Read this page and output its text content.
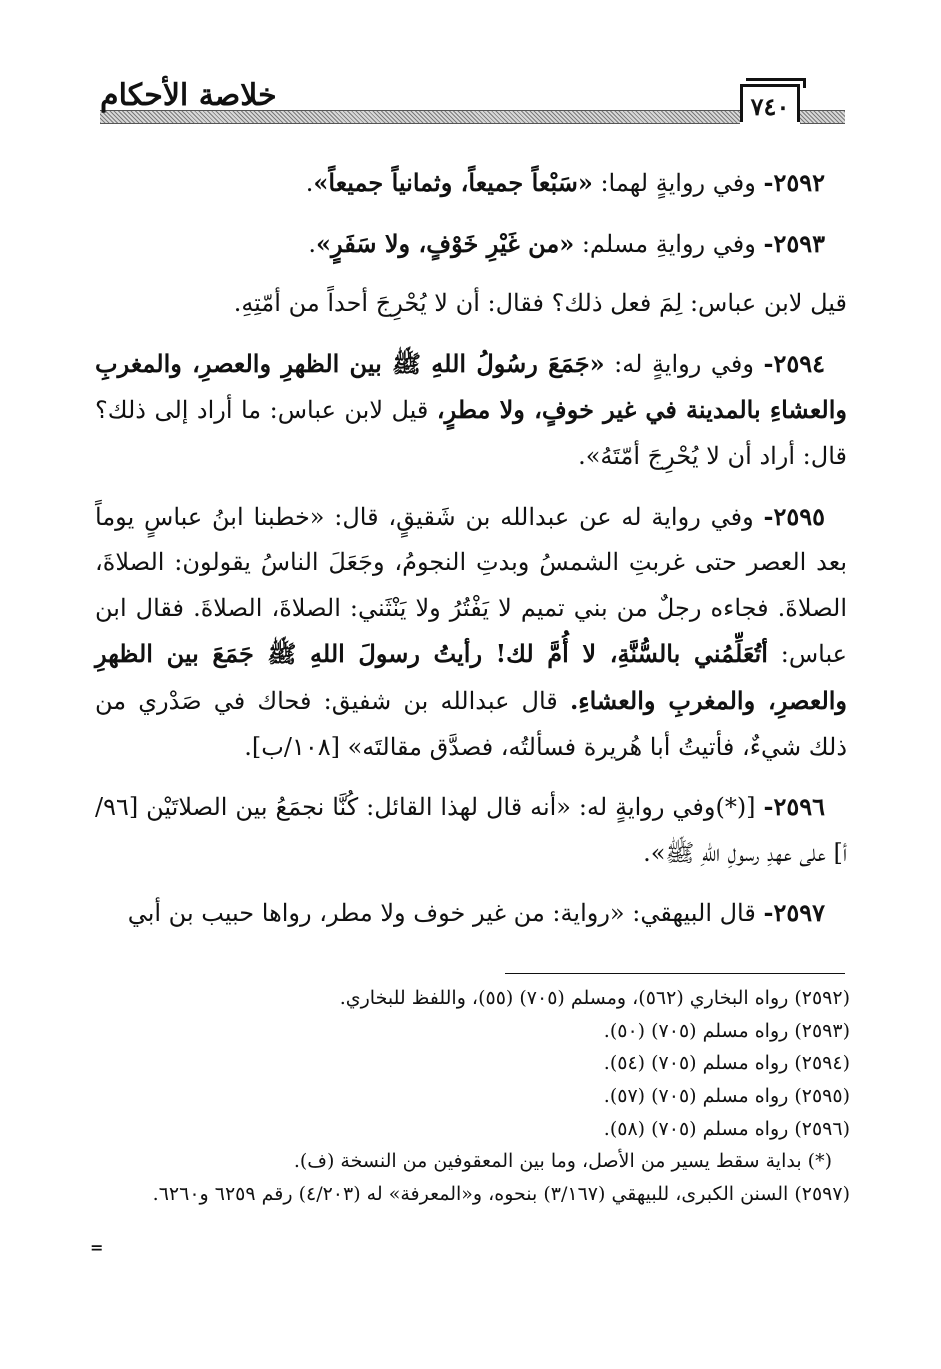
٧٤٠
خلاصة الأحكام

٢٥٩٢- وفي روايةٍ لهما: «سَبْعاً جميعاً، وثمانياً جميعاً».

٢٥٩٣- وفي روايةِ مسلم: «من غَيْرِ خَوْفٍ، ولا سَفَرٍ».

قيل لابن عباس: لِمَ فعل ذلك؟ فقال: أن لا يُحْرِجَ أحداً من أمّتِهِ.

٢٥٩٤- وفي روايةٍ له: «جَمَعَ رسُولُ اللهِ ﷺ بين الظهرِ والعصرِ، والمغربِ والعشاءِ بالمدينة في غير خوفٍ، ولا مطرٍ، قيل لابن عباس: ما أراد إلى ذلك؟ قال: أراد أن لا يُحْرِجَ أمّتَهُ».

٢٥٩٥- وفي رواية له عن عبدالله بن شَقيقٍ، قال: «خطبنا ابنُ عباسٍ يوماً بعد العصر حتى غربتِ الشمسُ وبدتِ النجومُ، وجَعَلَ الناسُ يقولون: الصلاةَ، الصلاةَ. فجاءه رجلٌ من بني تميم لا يَفْتُرُ ولا يَنْثَني: الصلاةَ، الصلاةَ. فقال ابن عباس: أتُعَلِّمُني بالسُّنَّةِ، لا أُمَّ لك! رأيتُ رسولَ اللهِ ﷺ جَمَعَ بين الظهرِ والعصرِ، والمغربِ والعشاءِ. قال عبدالله بن شفيق: فحاك في صَدْري من ذلك شيءٌ، فأتيتُ أبا هُريرة فسألتُه، فصدَّق مقالتَه» [١٠٨/ب].

٢٥٩٦- [(*)وفي روايةٍ له: «أنه قال لهذا القائل: كُنَّا نجمَعُ بين الصلاتَيْن [٩٦/أ] على عهدِ رسولِ اللهِ ﷺ».

٢٥٩٧- قال البيهقي: «رواية: من غير خوف ولا مطر، رواها حبيب بن أبي

(٢٥٩٢) رواه البخاري (٥٦٢)، ومسلم (٧٠٥) (٥٥)، واللفظ للبخاري.

(٢٥٩٣) رواه مسلم (٧٠٥) (٥٠).

(٢٥٩٤) رواه مسلم (٧٠٥) (٥٤).

(٢٥٩٥) رواه مسلم (٧٠٥) (٥٧).

(٢٥٩٦) رواه مسلم (٧٠٥) (٥٨).

(*) بداية سقط يسير من الأصل، وما بين المعقوفين من النسخة (ف).

(٢٥٩٧) السنن الكبرى، للبيهقي (٣/١٦٧) بنحوه، و«المعرفة» له (٤/٢٠٣) رقم ٦٢٥٩ و٦٢٦٠.

=
